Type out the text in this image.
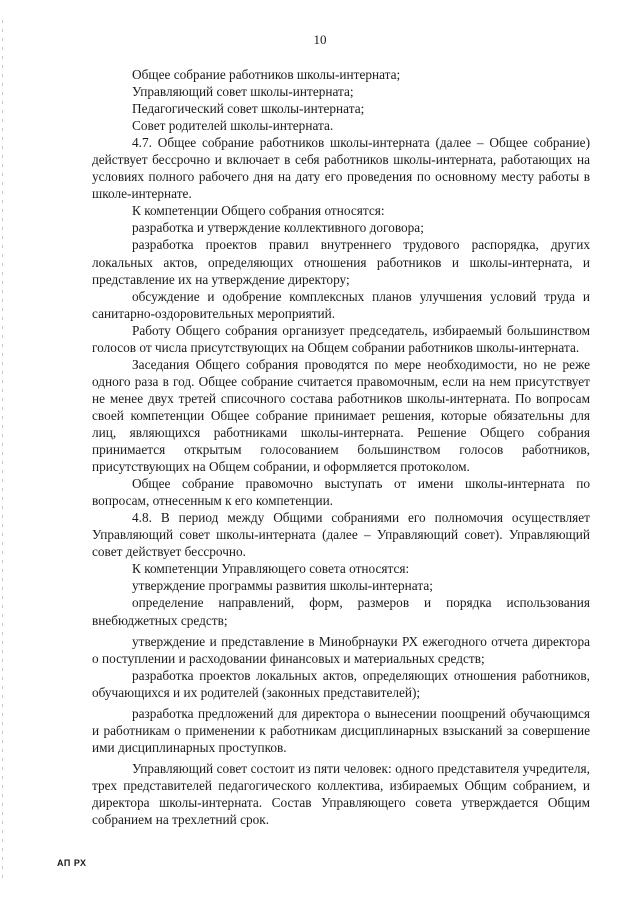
10

Общее собрание работников школы-интерната;

Управляющий совет школы-интерната;

Педагогический совет школы-интерната;

Совет родителей школы-интерната.

4.7. Общее собрание работников школы-интерната (далее – Общее собрание) действует бессрочно и включает в себя работников школы-интерната, работающих на условиях полного рабочего дня на дату его проведения по основному месту работы в школе-интернате.

К компетенции Общего собрания относятся:

разработка и утверждение коллективного договора;

разработка проектов правил внутреннего трудового распорядка, других локальных актов, определяющих отношения работников и школы-интерната, и представление их на утверждение директору;

обсуждение и одобрение комплексных планов улучшения условий труда и санитарно-оздоровительных мероприятий.

Работу Общего собрания организует председатель, избираемый большинством голосов от числа присутствующих на Общем собрании работников школы-интерната.

Заседания Общего собрания проводятся по мере необходимости, но не реже одного раза в год. Общее собрание считается правомочным, если на нем присутствует не менее двух третей списочного состава работников школы-интерната. По вопросам своей компетенции Общее собрание принимает решения, которые обязательны для лиц, являющихся работниками школы-интерната. Решение Общего собрания принимается открытым голосованием большинством голосов работников, присутствующих на Общем собрании, и оформляется протоколом.

Общее собрание правомочно выступать от имени школы-интерната по вопросам, отнесенным к его компетенции.

4.8. В период между Общими собраниями его полномочия осуществляет Управляющий совет школы-интерната (далее – Управляющий совет). Управляющий совет действует бессрочно.

К компетенции Управляющего совета относятся:

утверждение программы развития школы-интерната;

определение направлений, форм, размеров и порядка использования внебюджетных средств;

утверждение и представление в Минобрнауки РХ ежегодного отчета директора о поступлении и расходовании финансовых и материальных средств;

разработка проектов локальных актов, определяющих отношения работников, обучающихся и их родителей (законных представителей);

разработка предложений для директора о вынесении поощрений обучающимся и работникам о применении к работникам дисциплинарных взысканий за совершение ими дисциплинарных проступков.

Управляющий совет состоит из пяти человек: одного представителя учредителя, трех представителей педагогического коллектива, избираемых Общим собранием, и директора школы-интерната. Состав Управляющего совета утверждается Общим собранием на трехлетний срок.

АП РХ
